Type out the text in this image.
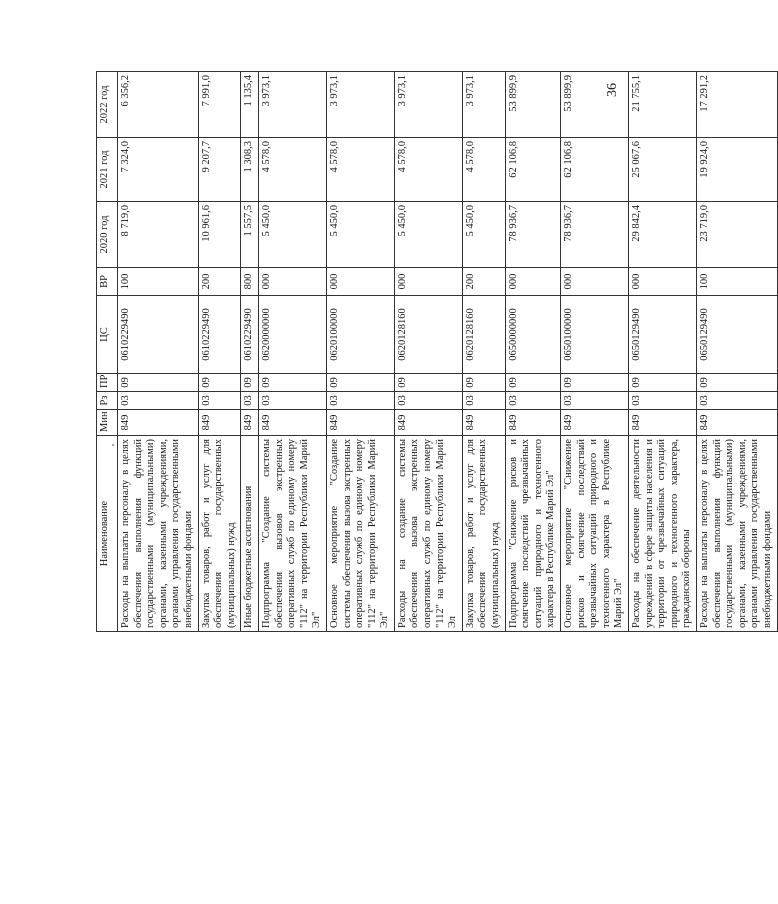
36
Наименование	Мин	Рз	ПР	ЦС	ВР	2020 год	2021 год	2022 год
Расходы на выплаты персоналу в целях обеспечения выполнения функций государственными (муниципальными) органами, казенными учреждениями, органами управления государственными внебюджетными фондами	849	03	09	0610229490	100	8 719,0	7 324,0	6 356,2
Закупка товаров, работ и услуг для обеспечения государственных (муниципальных) нужд	849	03	09	0610229490	200	10 961,6	9 207,7	7 991,0
Иные бюджетные ассигнования	849	03	09	0610229490	800	1 557,5	1 308,3	1 135,4
Подпрограмма "Создание системы обеспечения вызовов экстренных оперативных служб по единому номеру "112" на территории Республики Марий Эл"	849	03	09	0620000000	000	5 450,0	4 578,0	3 973,1
Основное мероприятие "Создание системы обеспечения вызова экстренных оперативных служб по единому номеру "112" на территории Республики Марий Эл"	849	03	09	0620100000	000	5 450,0	4 578,0	3 973,1
Расходы на создание системы обеспечения вызова экстренных оперативных служб по единому номеру "112" на территории Республики Марий Эл	849	03	09	0620128160	000	5 450,0	4 578,0	3 973,1
Закупка товаров, работ и услуг для обеспечения государственных (муниципальных) нужд	849	03	09	0620128160	200	5 450,0	4 578,0	3 973,1
Подпрограмма "Снижение рисков и смягчение последствий чрезвычайных ситуаций природного и техногенного характера в Республике Марий Эл"	849	03	09	0650000000	000	78 936,7	62 106,8	53 899,9
Основное мероприятие "Снижение рисков и смягчение последствий чрезвычайных ситуаций природного и техногенного характера в Республике Марий Эл"	849	03	09	0650100000	000	78 936,7	62 106,8	53 899,9
Расходы на обеспечение деятельности учреждений в сфере защиты населения и территории от чрезвычайных ситуаций природного и техногенного характера, гражданской обороны	849	03	09	0650129490	000	29 842,4	25 067,6	21 755,1
Расходы на выплаты персоналу в целях обеспечения выполнения функций государственными (муниципальными) органами, казенными учреждениями, органами управления государственными внебюджетными фондами	849	03	09	0650129490	100	23 719,0	19 924,0	17 291,2
